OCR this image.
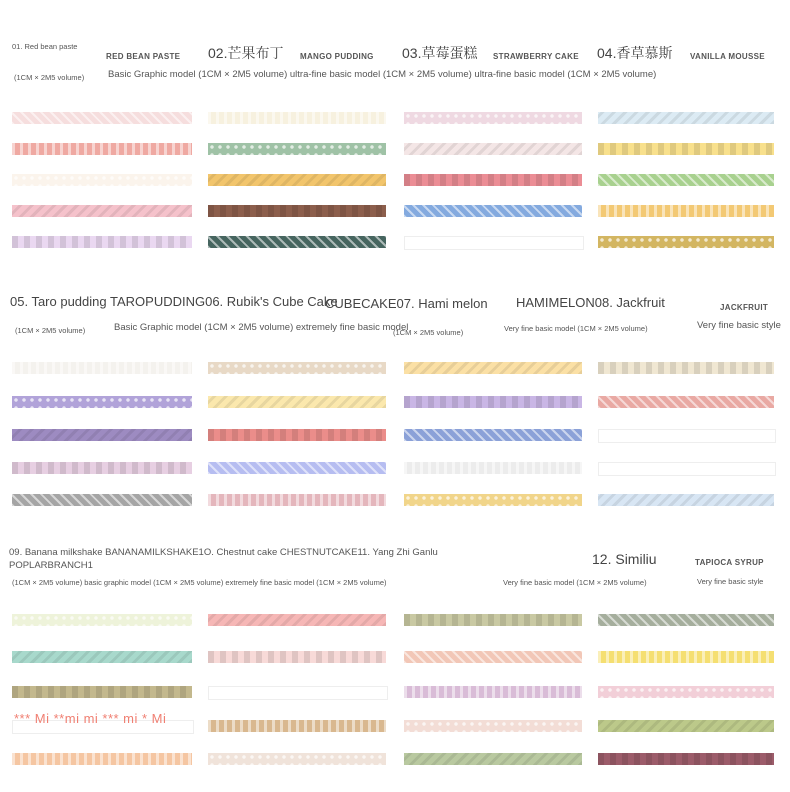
01. Red bean paste
RED BEAN PASTE 02.芒果布丁 MANGO PUDDING 03.草莓蛋糕 STRAWBERRY CAKE 04.香草慕斯 VANILLA MOUSSE
(1CM × 2M5 volume)	Basic Graphic model (1CM × 2M5 volume) ultra-fine basic model (1CM × 2M5 volume) ultra-fine basic model (1CM × 2M5 volume)
05. Taro pudding TAROPUDDING06. Rubik's Cube Cake
CUBECAKE07. Hami melon HAMIMELON08. Jackfruit	JACKFRUIT
(1CM × 2M5 volume)	Basic Graphic model (1CM × 2M5 volume) extremely fine basic model
(1CM × 2M5 volume)	Very fine basic model (1CM × 2M5 volume)	Very fine basic style
09. Banana milkshake BANANAMILKSHAKE1O. Chestnut cake CHESTNUTCAKE11. Yang Zhi Ganlu
POPLARBRANCH1	12. Similiu	TAPIOCA SYRUP
(1CM × 2M5 volume) basic graphic model (1CM × 2M5 volume) extremely fine basic model (1CM × 2M5 volume)	Very fine basic model (1CM × 2M5 volume)	Very fine basic style
*** Mi **mi mi *** mi * Mi
